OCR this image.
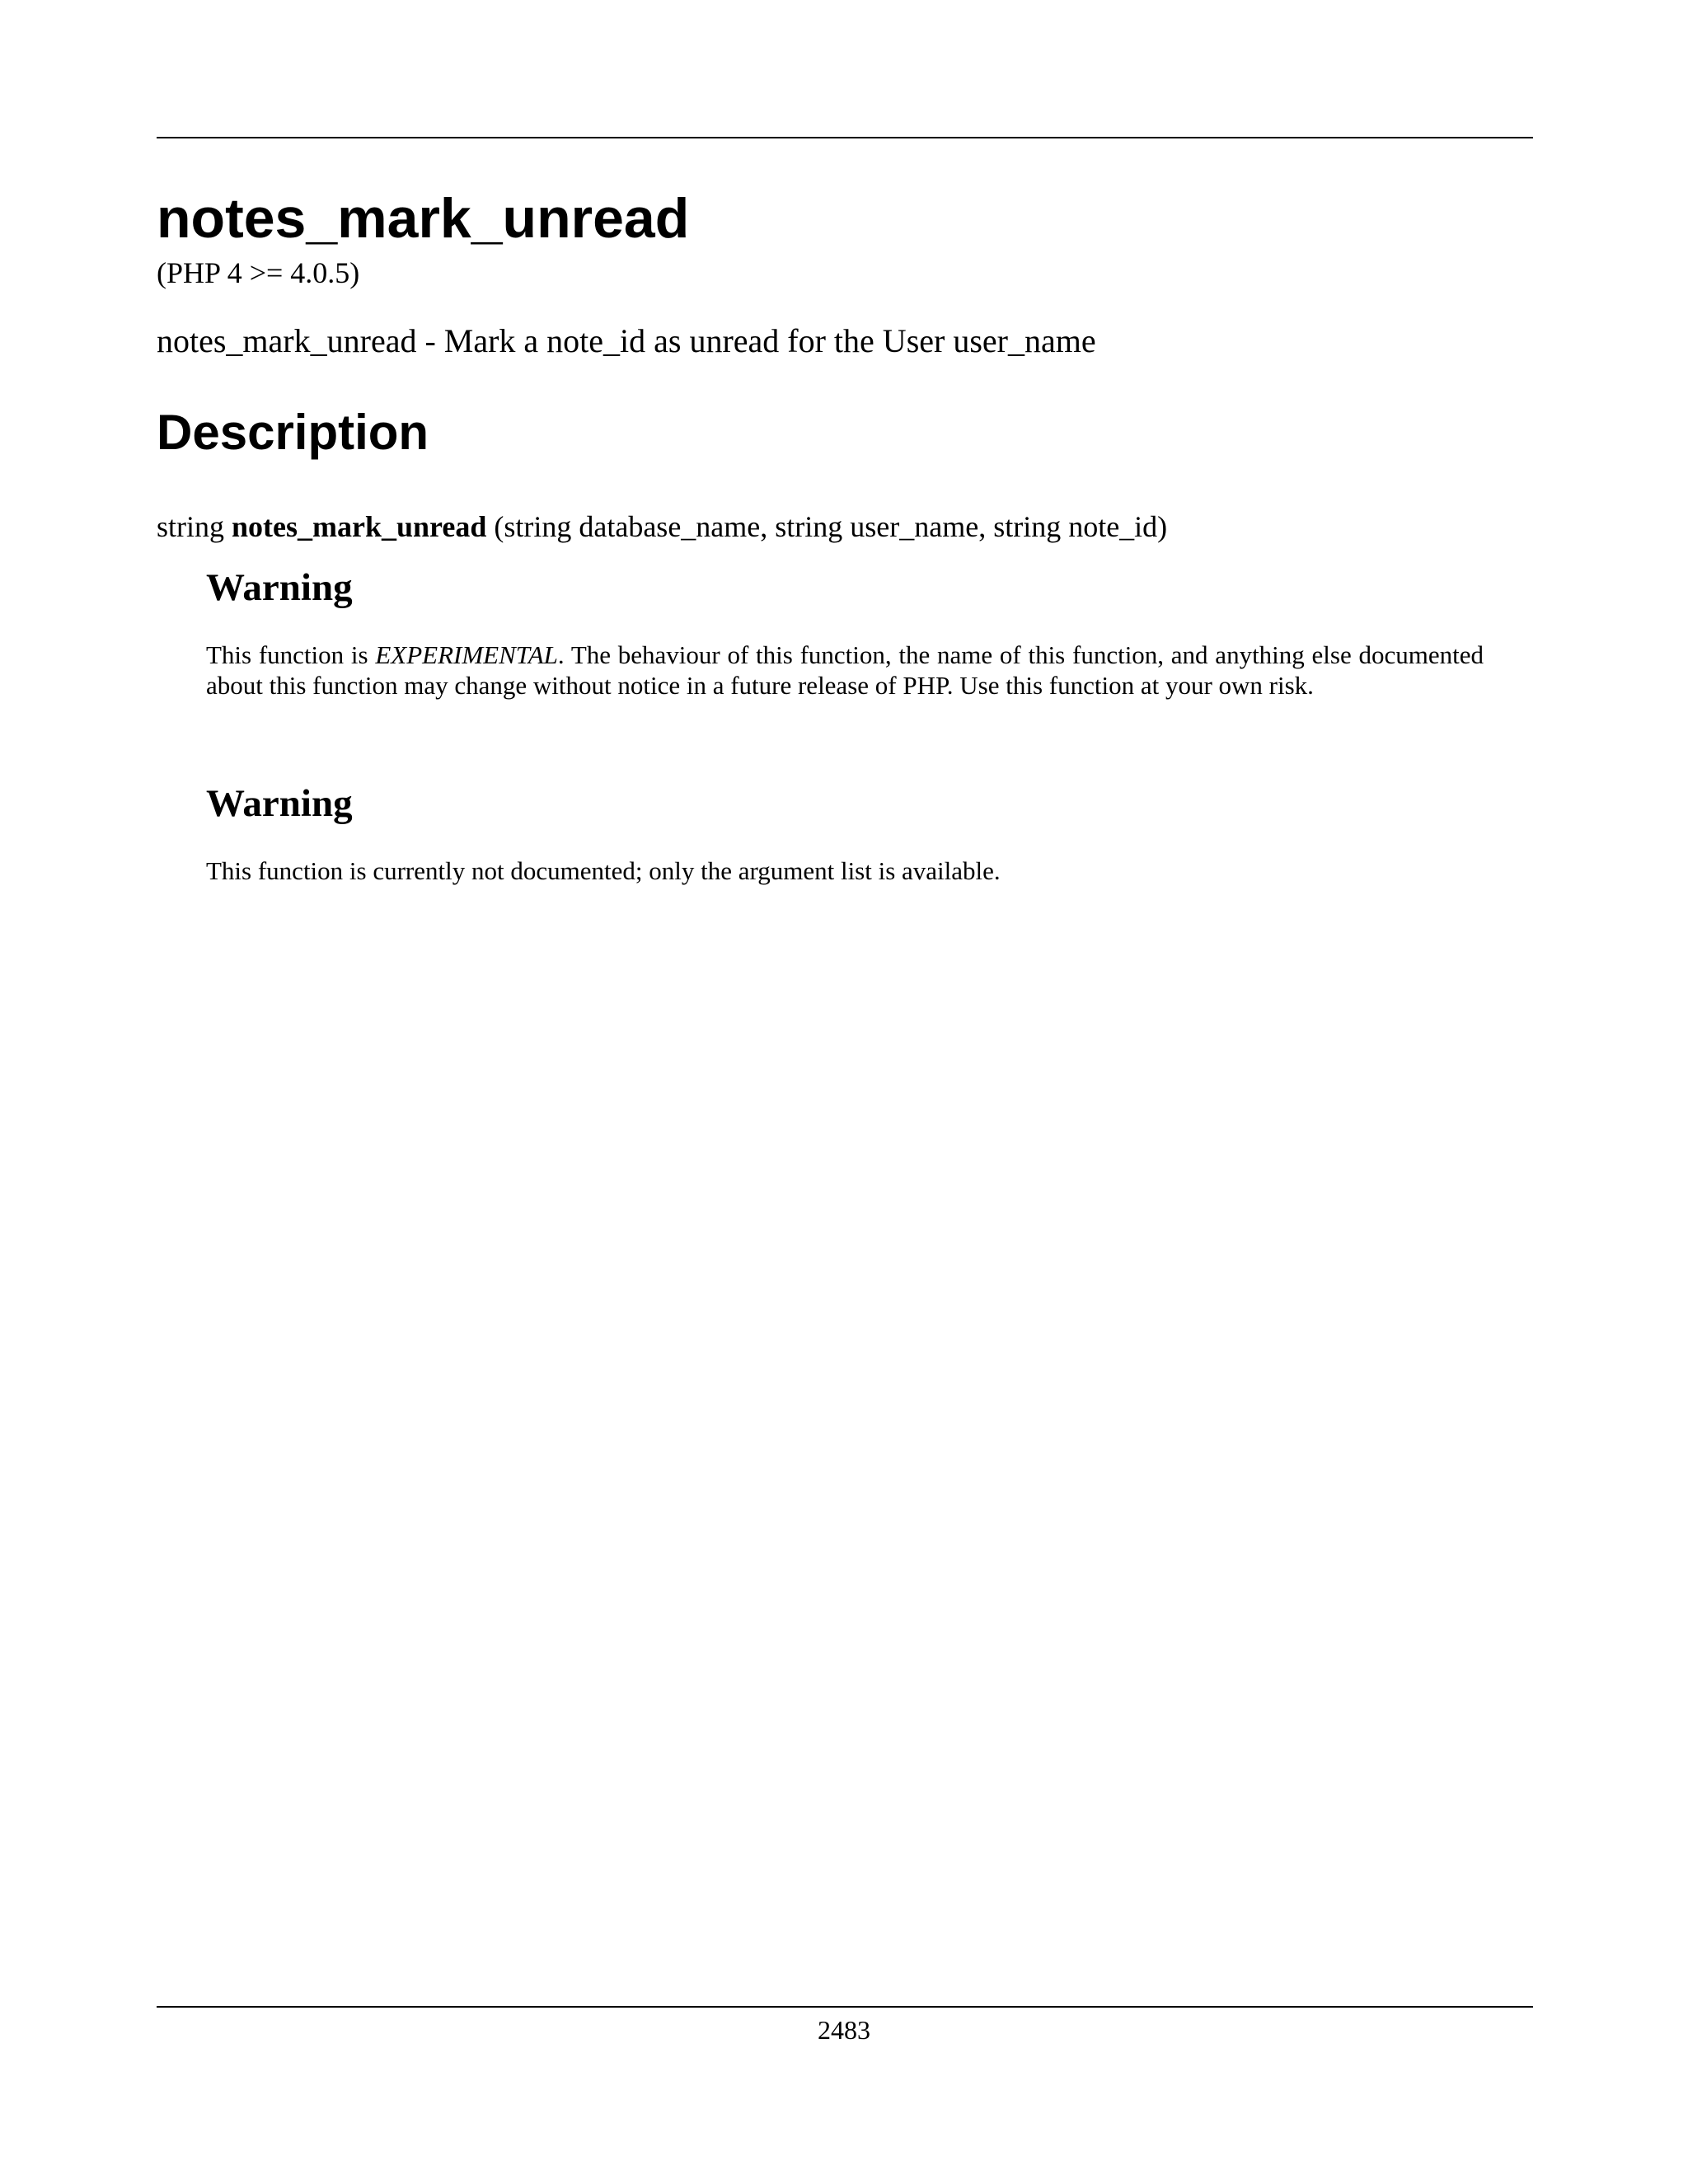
notes_mark_unread

(PHP 4 >= 4.0.5)

notes_mark_unread - Mark a note_id as unread for the User user_name

Description

string notes_mark_unread (string database_name, string user_name, string note_id)

Warning

This function is EXPERIMENTAL. The behaviour of this function, the name of this function, and anything else documented about this function may change without notice in a future release of PHP. Use this function at your own risk.

Warning

This function is currently not documented; only the argument list is available.

2483
